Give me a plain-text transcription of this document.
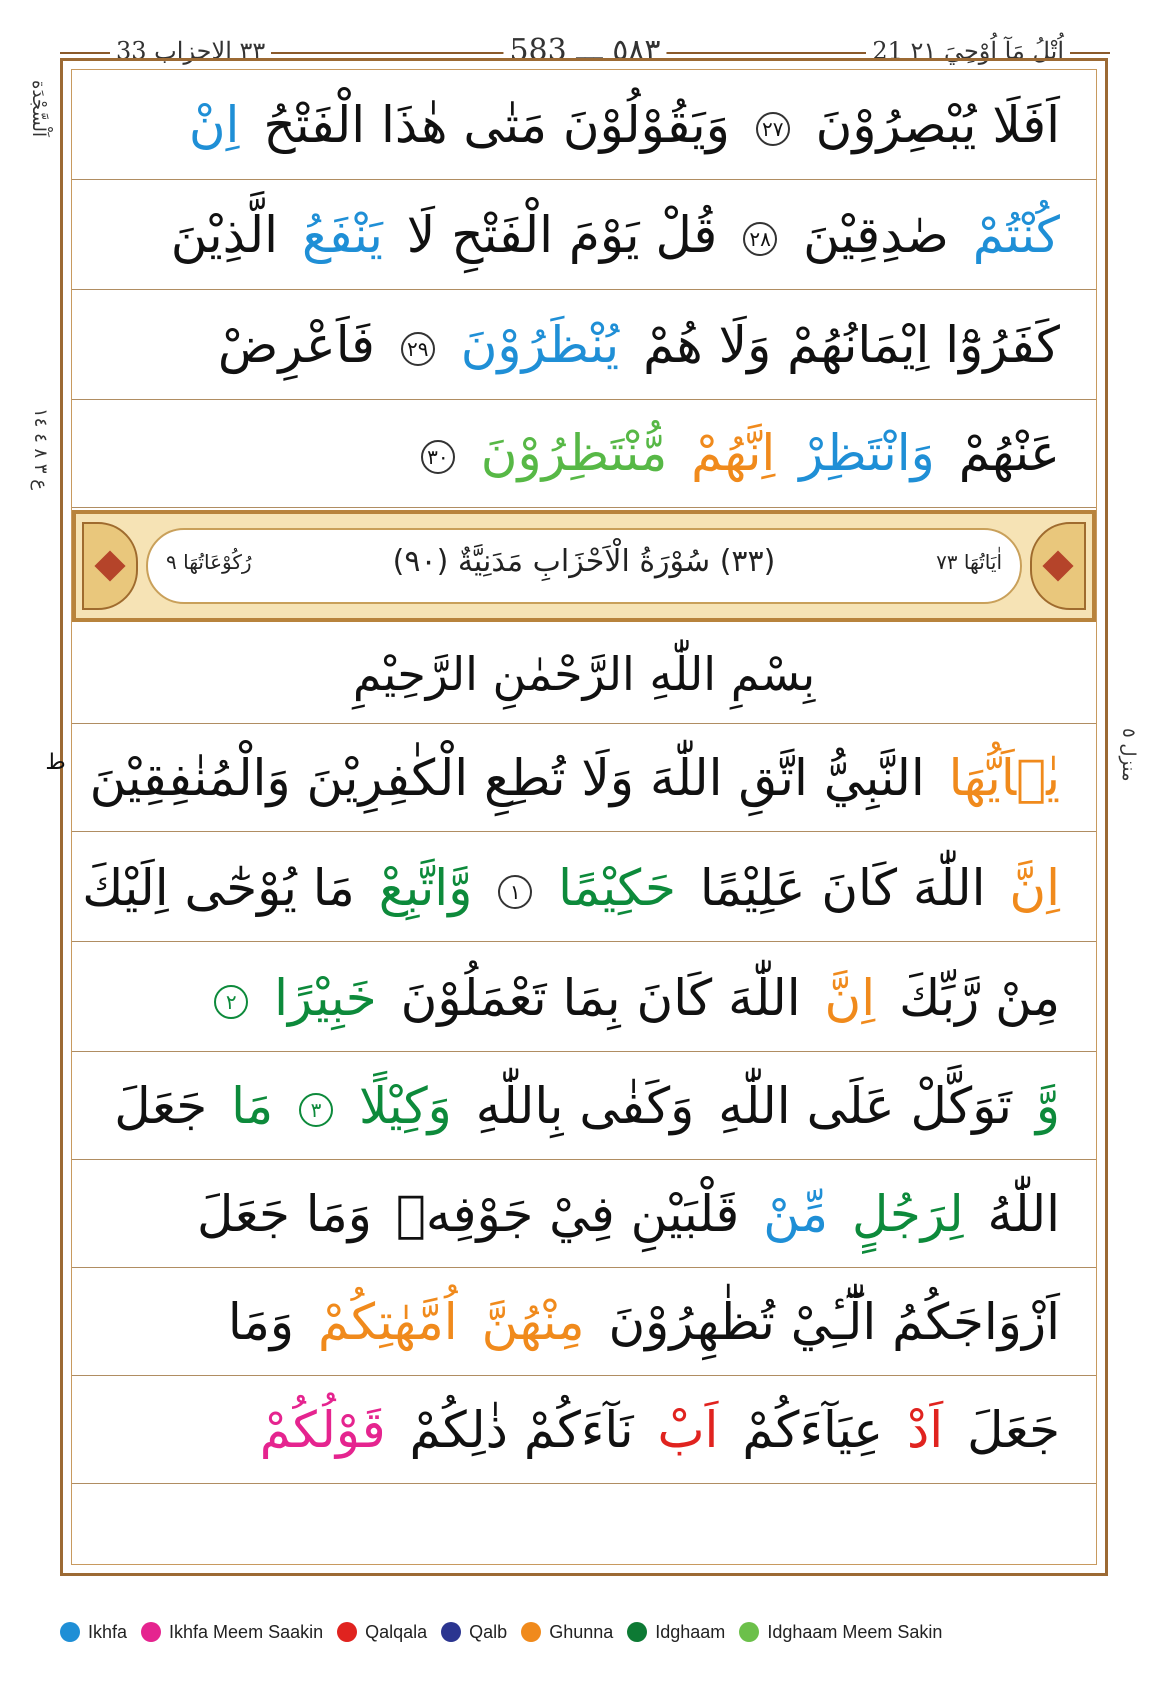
21 اُتْلُ مَآ اُوْحِيَ ٢١
٥٨٣ ـــ 583
٣٣ الاحزاب 33
اَلْسَّجْدَة
ع ٣ ٨ ٤ ١٤
منزل ٥
اَفَلَا يُبْصِرُوْنَ ٢٧ وَيَقُوْلُوْنَ مَتٰى هٰذَا الْفَتْحُ اِنْ
كُنْتُمْ صٰدِقِيْنَ ٢٨ قُلْ يَوْمَ الْفَتْحِ لَا يَنْفَعُ الَّذِيْنَ
كَفَرُوْٓا اِيْمَانُهُمْ وَلَا هُمْ يُنْظَرُوْنَ ٢٩ فَاَعْرِضْ
عَنْهُمْ وَانْتَظِرْ اِنَّهُمْ مُّنْتَظِرُوْنَ ٣٠
(٣٣) سُوْرَةُ الْاَحْزَابِ مَدَنِيَّةٌ (٩٠)	اٰيَاتُهَا ٧٣
رُكُوْعَاتُهَا ٩
بِسْمِ اللّٰهِ الرَّحْمٰنِ الرَّحِيْمِ
يٰۤاَيُّهَا النَّبِيُّ اتَّقِ اللّٰهَ وَلَا تُطِعِ الْكٰفِرِيْنَ وَالْمُنٰفِقِيْنَ $^ط$
اِنَّ اللّٰهَ كَانَ عَلِيْمًا حَكِيْمًا ١ وَّاتَّبِعْ مَا يُوْحٰٓى اِلَيْكَ
مِنْ رَّبِّكَ اِنَّ اللّٰهَ كَانَ بِمَا تَعْمَلُوْنَ خَبِيْرًا ٢
وَّ تَوَكَّلْ عَلَى اللّٰهِ وَكَفٰى بِاللّٰهِ وَكِيْلًا ٣ مَا جَعَلَ
اللّٰهُ لِرَجُلٍ مِّنْ قَلْبَيْنِ فِيْ جَوْفِهٖ وَمَا جَعَلَ
اَزْوَاجَكُمُ الّٰٓـِٔيْ تُظٰهِرُوْنَ مِنْهُنَّ اُمَّهٰتِكُمْ وَمَا
جَعَلَ اَدْ عِيَآءَكُمْ اَبْ نَآءَكُمْ ذٰلِكُمْ قَوْلُكُمْ
Ikhfa Ikhfa Meem Saakin Qalqala Qalb Ghunna Idghaam Idghaam Meem Sakin
